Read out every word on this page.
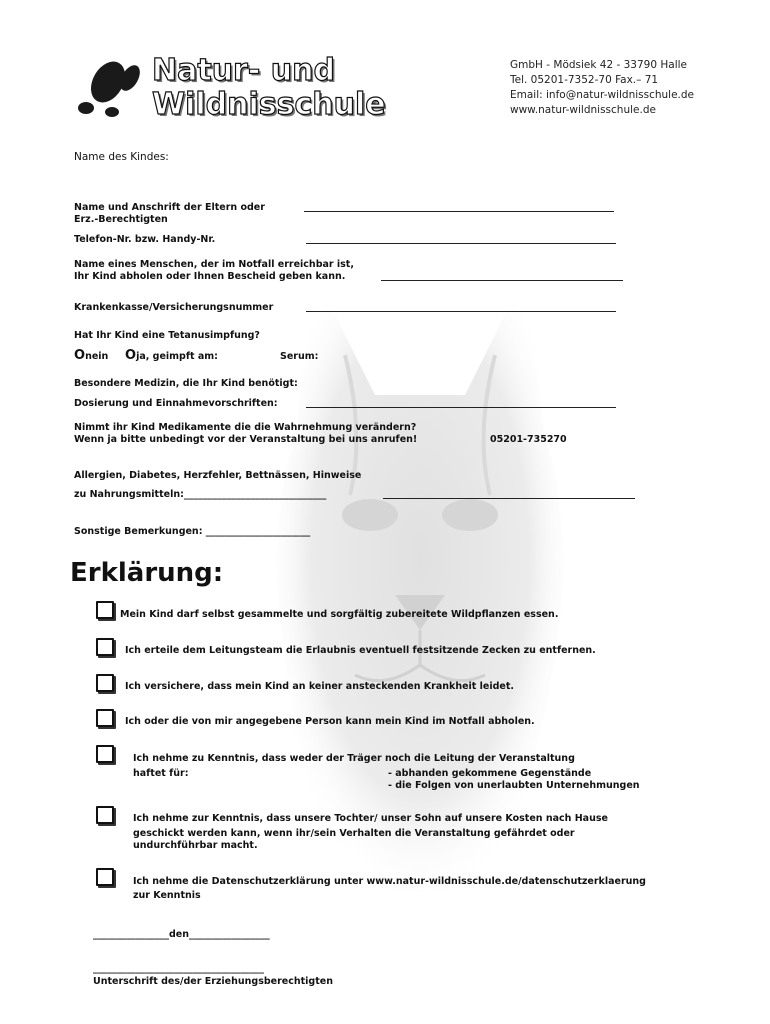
Natur- und
Wildnisschule
GmbH - Mödsiek 42 - 33790 Halle
Tel. 05201-7352-70 Fax.– 71
Email: info@natur-wildnisschule.de
www.natur-wildnisschule.de
Name des Kindes:
Name und Anschrift der Eltern oder
Erz.-Berechtigten
Telefon-Nr. bzw. Handy-Nr.
Name eines Menschen, der im Notfall erreichbar ist,
Ihr Kind abholen oder Ihnen Bescheid geben kann.
Krankenkasse/Versicherungsnummer
Hat Ihr Kind eine Tetanusimpfung?
Onein Oja, geimpft am:	Serum:
Besondere Medizin, die Ihr Kind benötigt:
Dosierung und Einnahmevorschriften:
Nimmt ihr Kind Medikamente die die Wahrnehmung verändern?
Wenn ja bitte unbedingt vor der Veranstaltung bei uns anrufen!	05201-735270
Allergien, Diabetes, Herzfehler, Bettnässen, Hinweise
zu Nahrungsmitteln:______________________________
Sonstige Bemerkungen: ______________________
Erklärung:
Mein Kind darf selbst gesammelte und sorgfältig zubereitete Wildpflanzen essen.
Ich erteile dem Leitungsteam die Erlaubnis eventuell festsitzende Zecken zu entfernen.
Ich versichere, dass mein Kind an keiner ansteckenden Krankheit leidet.
Ich oder die von mir angegebene Person kann mein Kind im Notfall abholen.
Ich nehme zu Kenntnis, dass weder der Träger noch die Leitung der Veranstaltung
haftet für:	- abhanden gekommene Gegenstände
- die Folgen von unerlaubten Unternehmungen
Ich nehme zur Kenntnis, dass unsere Tochter/ unser Sohn auf unsere Kosten nach Hause
geschickt werden kann, wenn ihr/sein Verhalten die Veranstaltung gefährdet oder
undurchführbar macht.
Ich nehme die Datenschutzerklärung unter www.natur-wildnisschule.de/datenschutzerklaerung
zur Kenntnis
________________den_________________
____________________________________
Unterschrift des/der Erziehungsberechtigten
